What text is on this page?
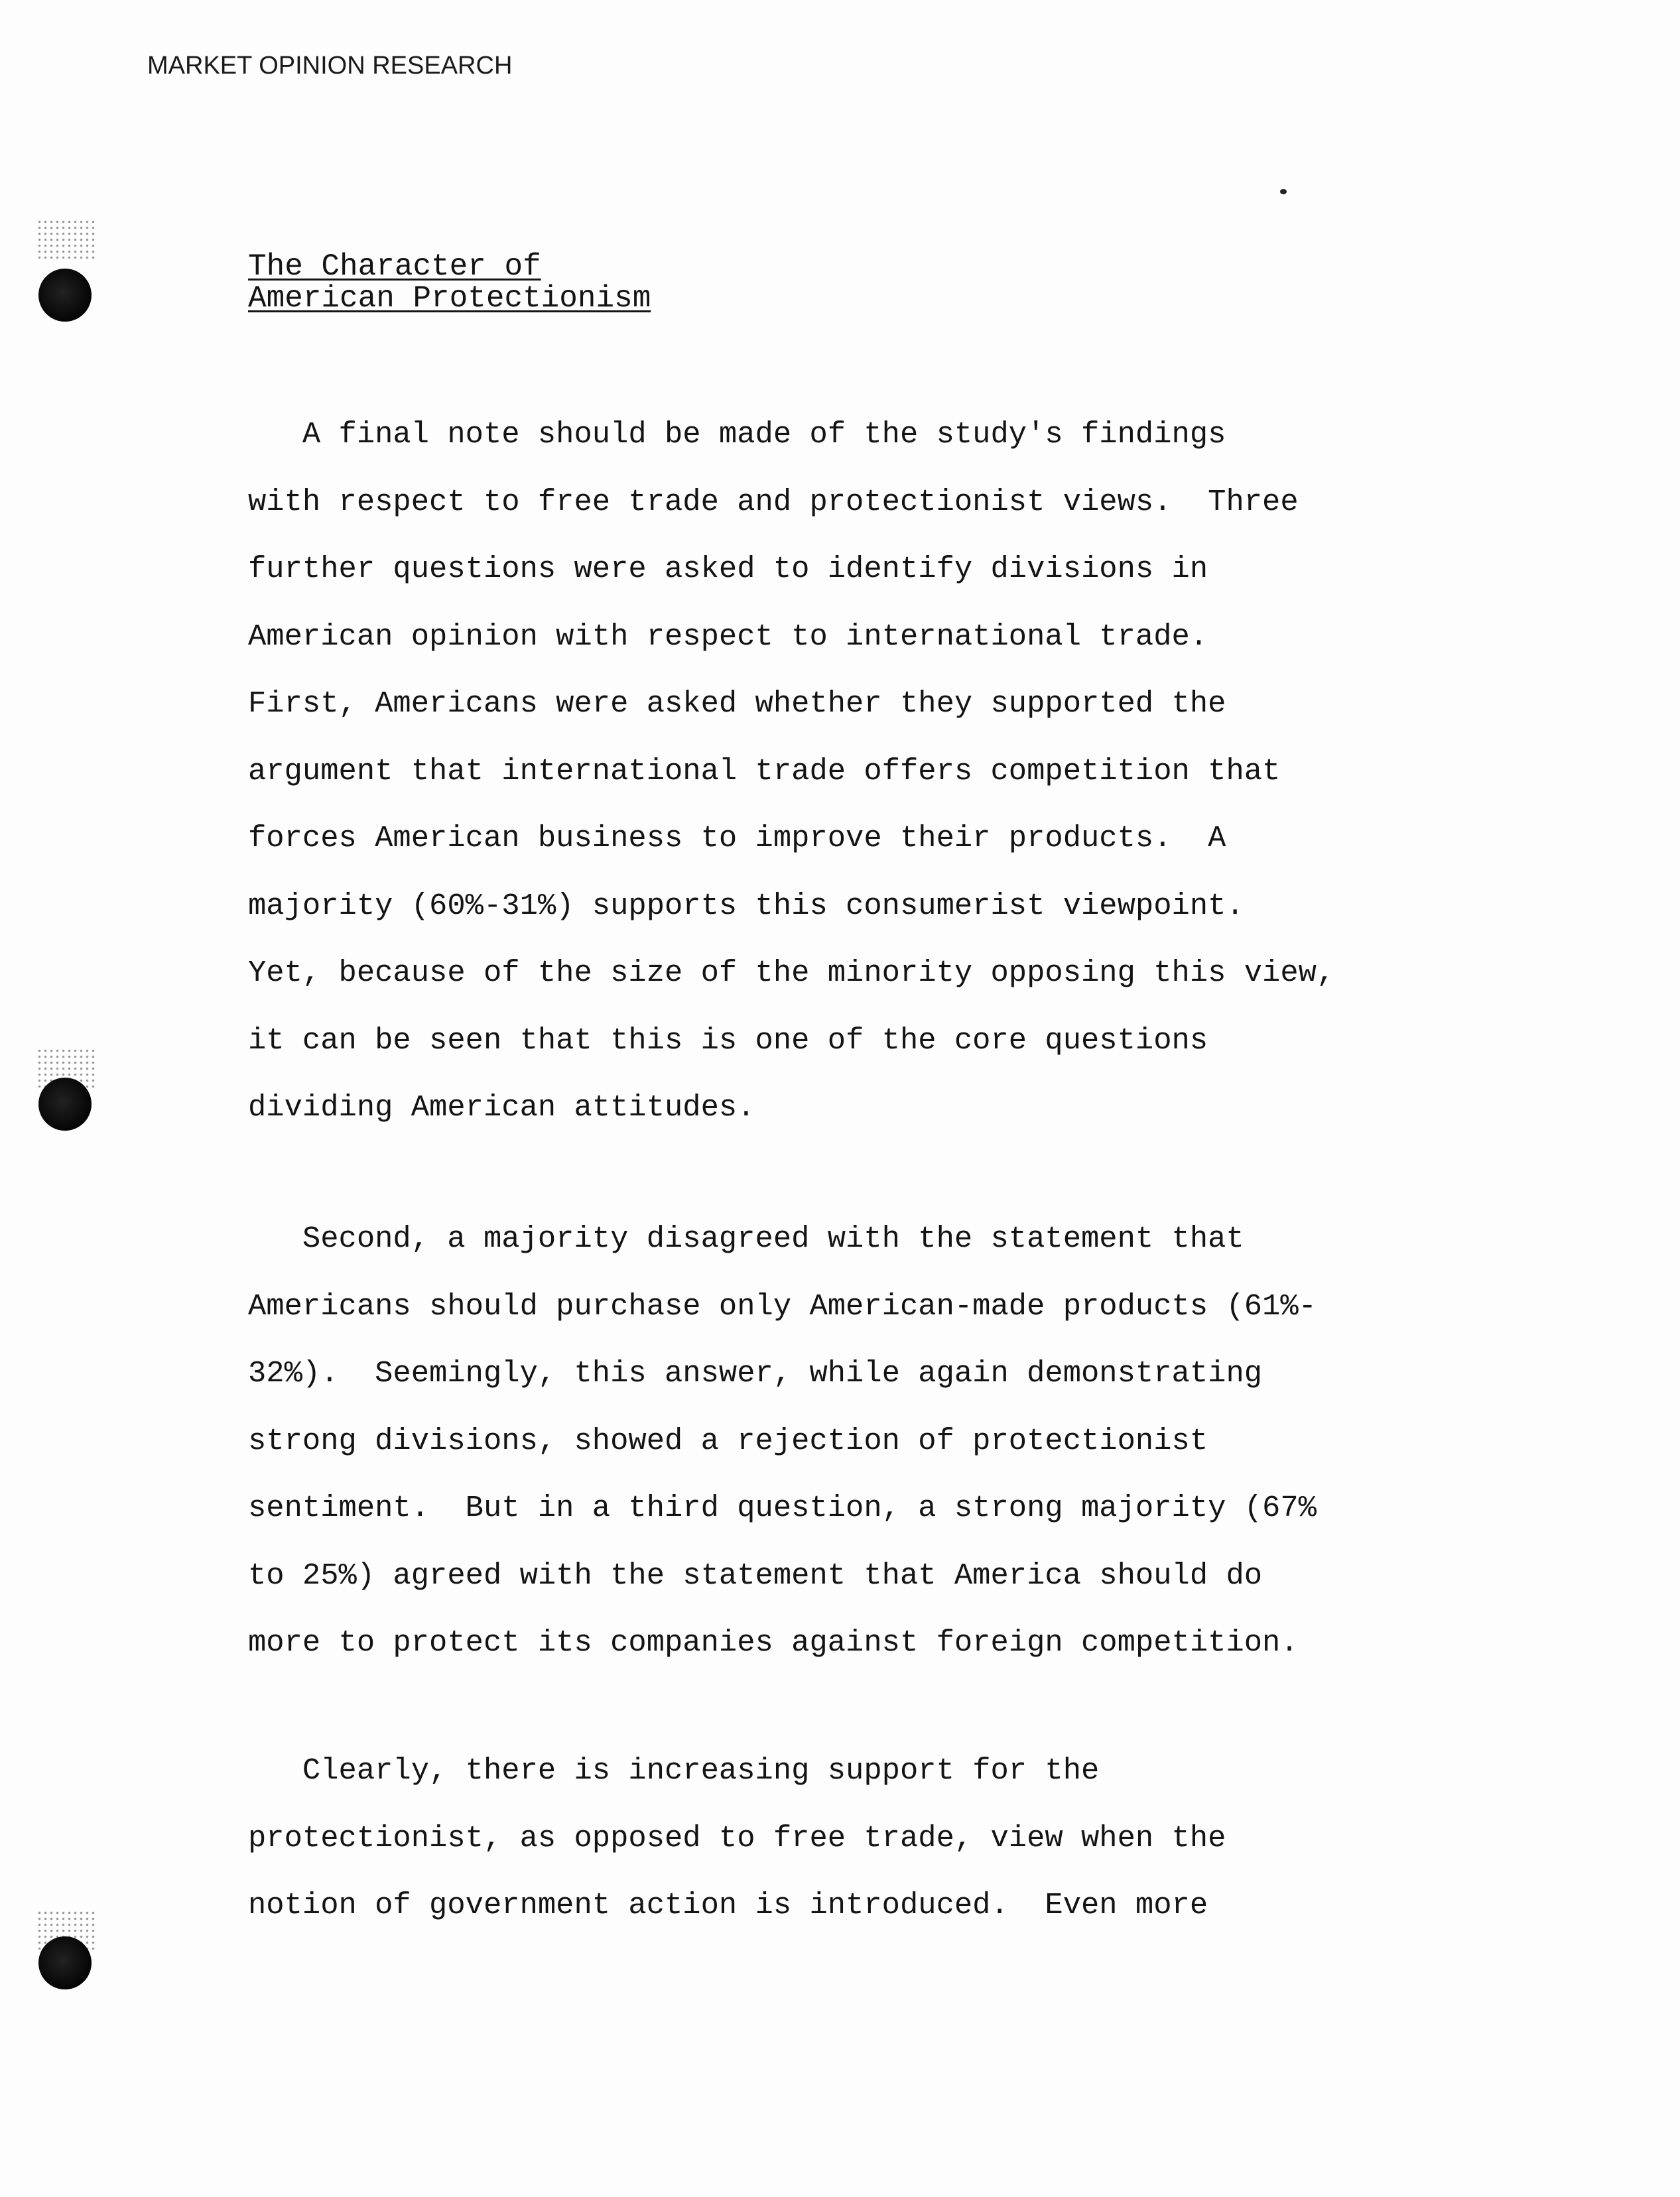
MARKET OPINION RESEARCH
The Character of
American Protectionism
A final note should be made of the study's findings
with respect to free trade and protectionist views.  Three
further questions were asked to identify divisions in
American opinion with respect to international trade.
First, Americans were asked whether they supported the
argument that international trade offers competition that
forces American business to improve their products.  A
majority (60%-31%) supports this consumerist viewpoint.
Yet, because of the size of the minority opposing this view,
it can be seen that this is one of the core questions
dividing American attitudes.
Second, a majority disagreed with the statement that
Americans should purchase only American-made products (61%-
32%).  Seemingly, this answer, while again demonstrating
strong divisions, showed a rejection of protectionist
sentiment.  But in a third question, a strong majority (67%
to 25%) agreed with the statement that America should do
more to protect its companies against foreign competition.
Clearly, there is increasing support for the
protectionist, as opposed to free trade, view when the
notion of government action is introduced.  Even more
